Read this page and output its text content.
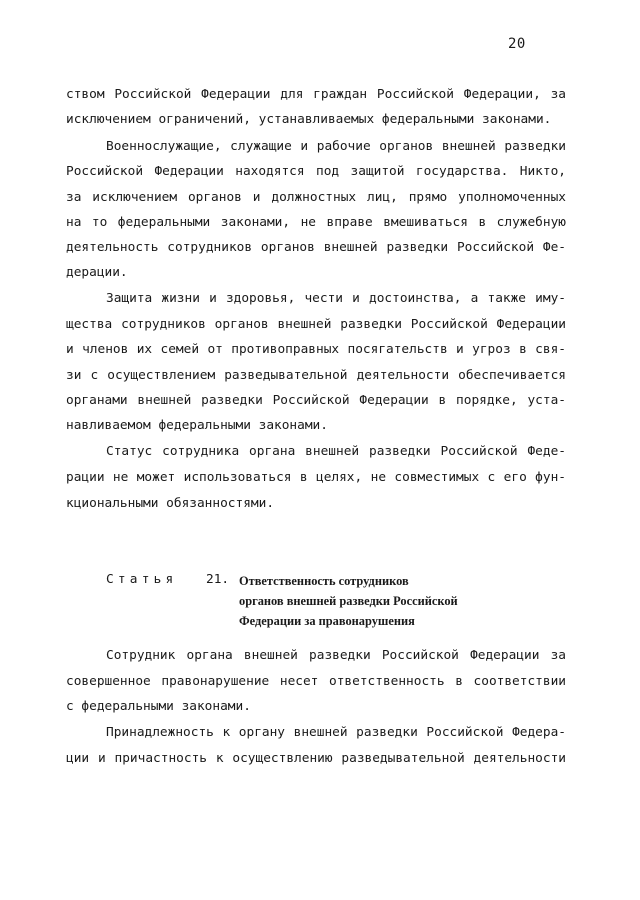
20
ством Российской Федерации для граждан Российской Федерации, за
исключением ограничений, устанавливаемых федеральными законами.
Военнослужащие, служащие и рабочие органов внешней разведки
Российской Федерации находятся под защитой государства. Никто,
за исключением органов и должностных лиц, прямо уполномоченных
на то федеральными законами, не вправе вмешиваться в служебную
деятельность сотрудников органов внешней разведки Российской Фе-
дерации.
Защита жизни и здоровья, чести и достоинства, а также иму-
щества сотрудников органов внешней разведки Российской Федерации
и членов их семей от противоправных посягательств и угроз в свя-
зи с осуществлением разведывательной деятельности обеспечивается
органами внешней разведки Российской Федерации в порядке, уста-
навливаемом федеральными законами.
Статус сотрудника органа внешней разведки Российской Феде-
рации не может использоваться в целях, не совместимых с его фун-
кциональными обязанностями.
Сотрудник органа внешней разведки Российской Федерации за
совершенное правонарушение несет ответственность в соответствии
с федеральными законами.
Принадлежность к органу внешней разведки Российской Федера-
ции и причастность к осуществлению разведывательной деятельности
Статья 21. Ответственность сотрудников
органов внешней разведки Российской
Федерации за правонарушения
